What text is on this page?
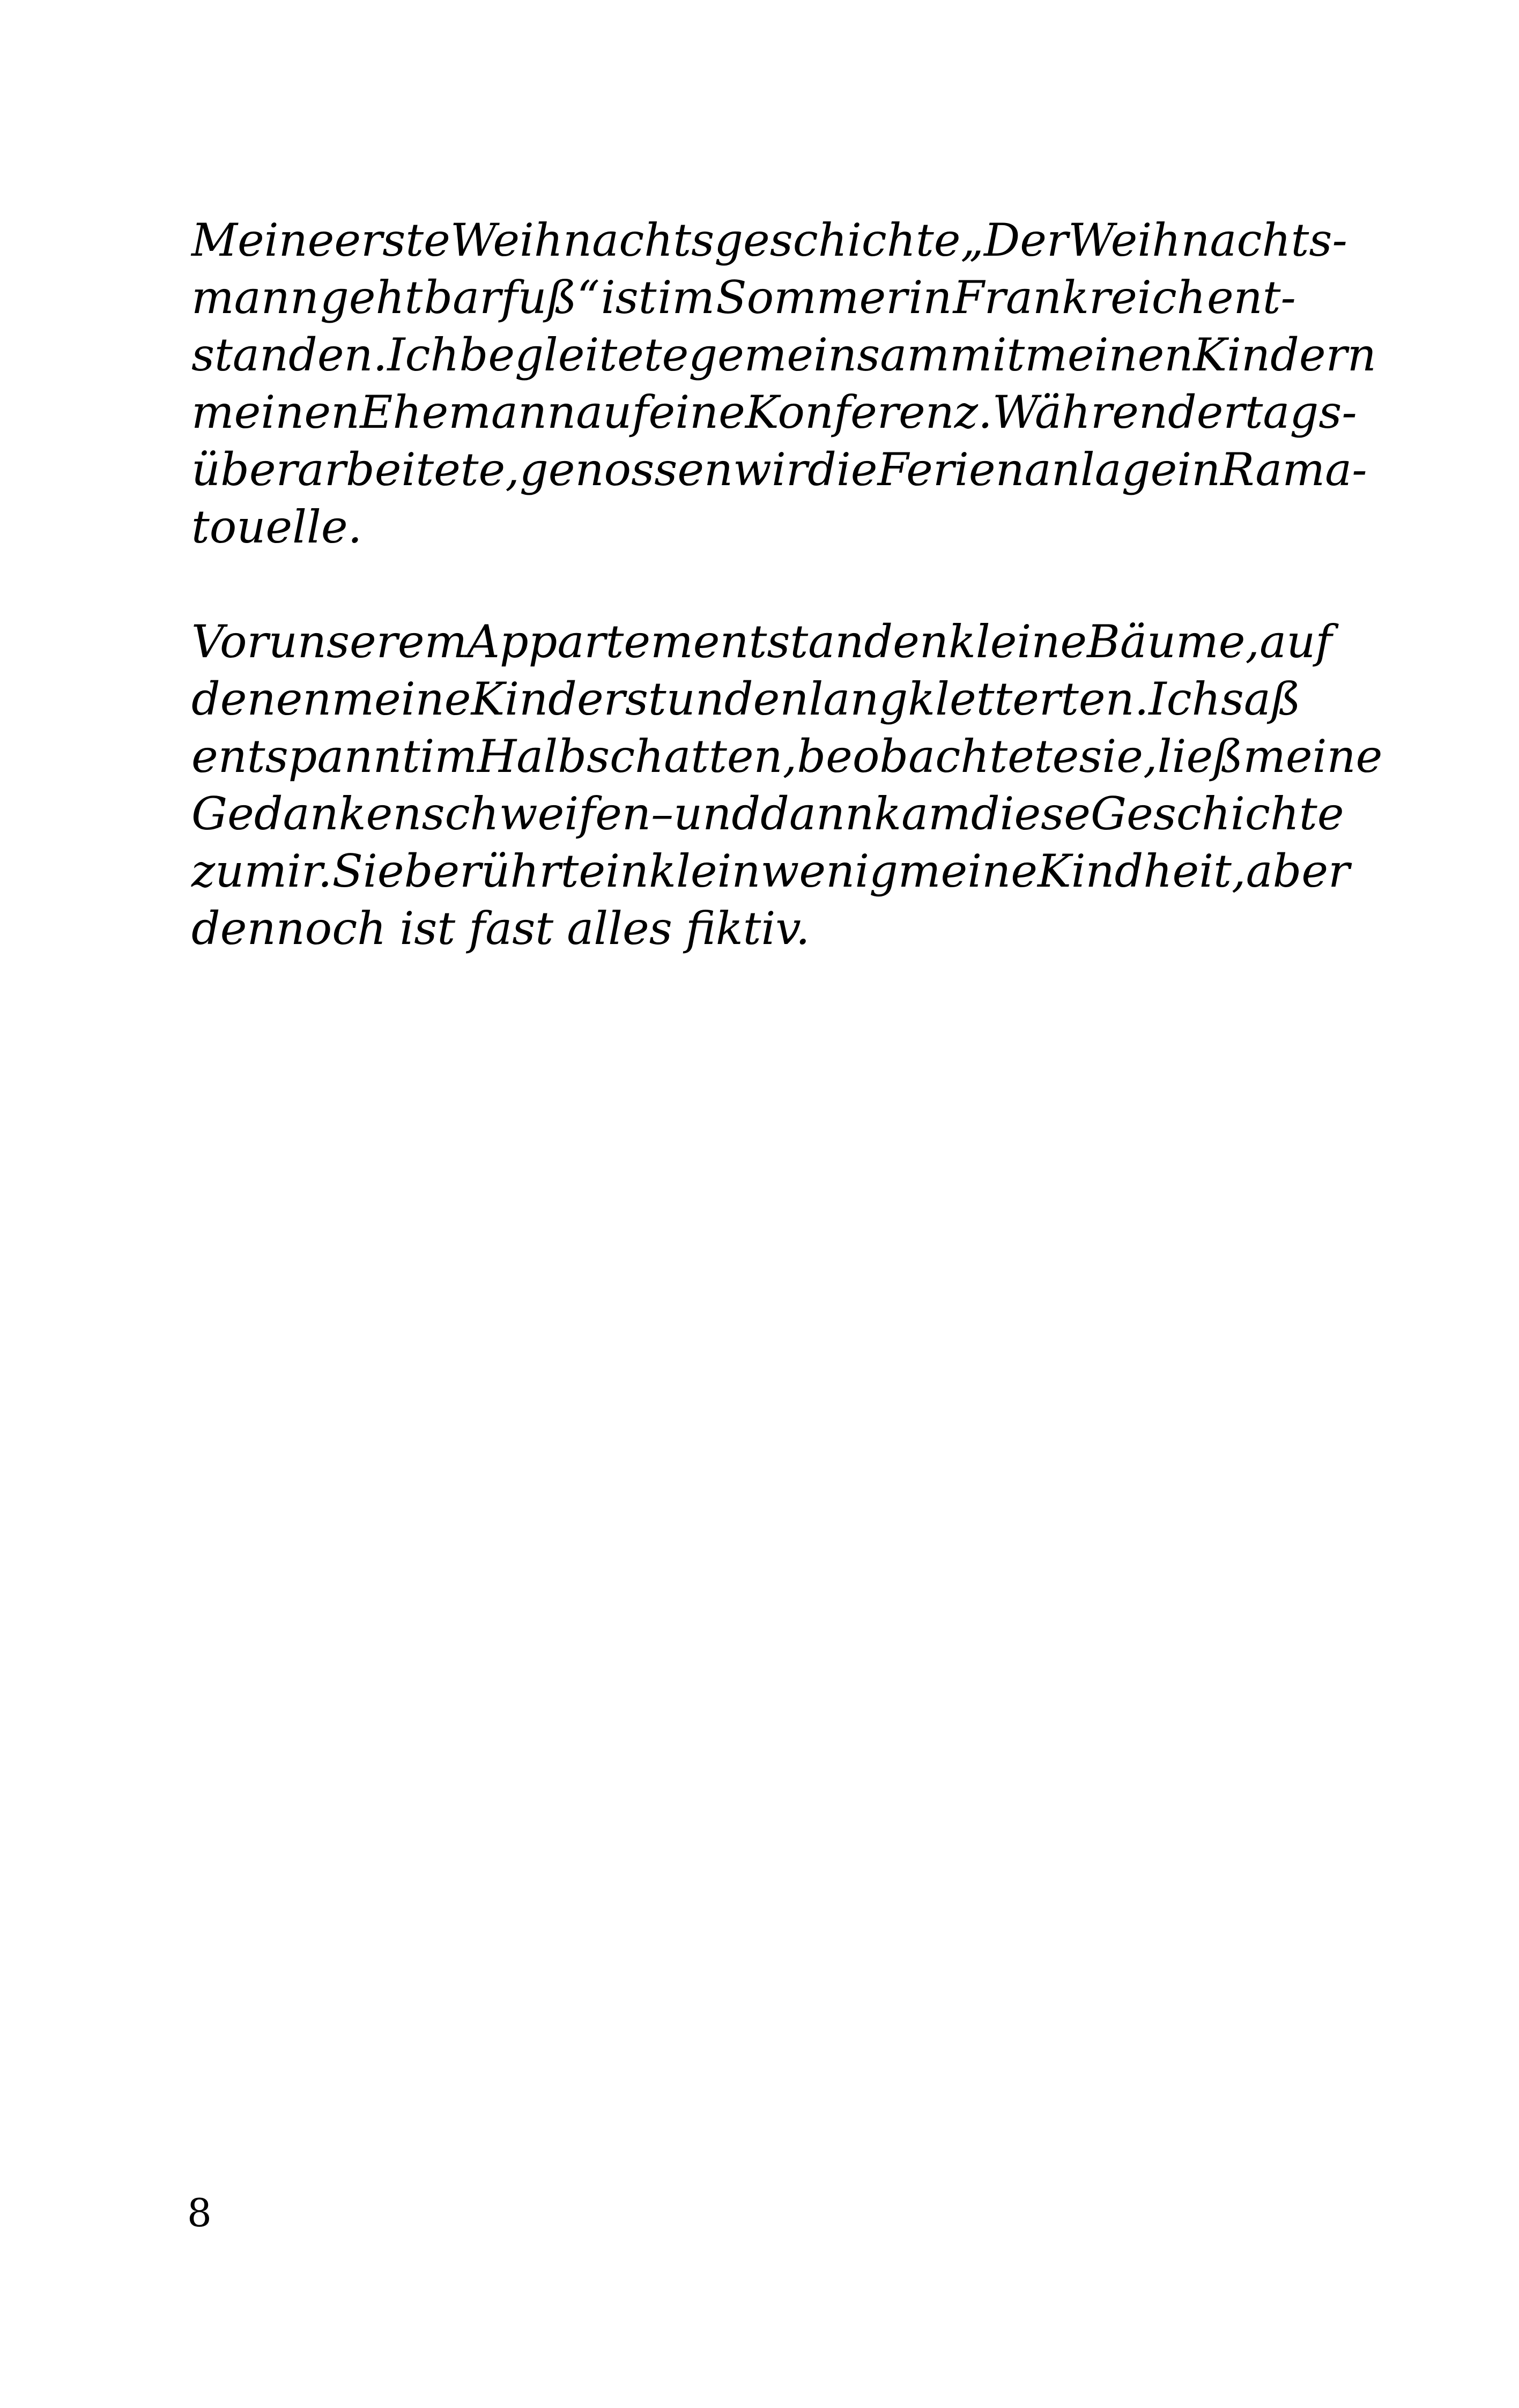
Meine erste Weihnachtsgeschichte „Der Weihnachts-
mann geht barfuß“ ist im Sommer in Frankreich ent-
standen. Ich begleitete gemeinsam mit meinen Kindern
meinen Ehemann auf eine Konferenz. Während er tags-
über arbeitete, genossen wir die Ferienanlage in Rama-
touelle.
Vor unserem Appartement standen kleine Bäume, auf
denen meine Kinder stundenlang kletterten. Ich saß
entspannt im Halbschatten, beobachtete sie, ließ meine
Gedanken schweifen – und dann kam diese Geschichte
zu mir. Sie berührt ein klein wenig meine Kindheit, aber
dennoch ist fast alles fiktiv.
8
